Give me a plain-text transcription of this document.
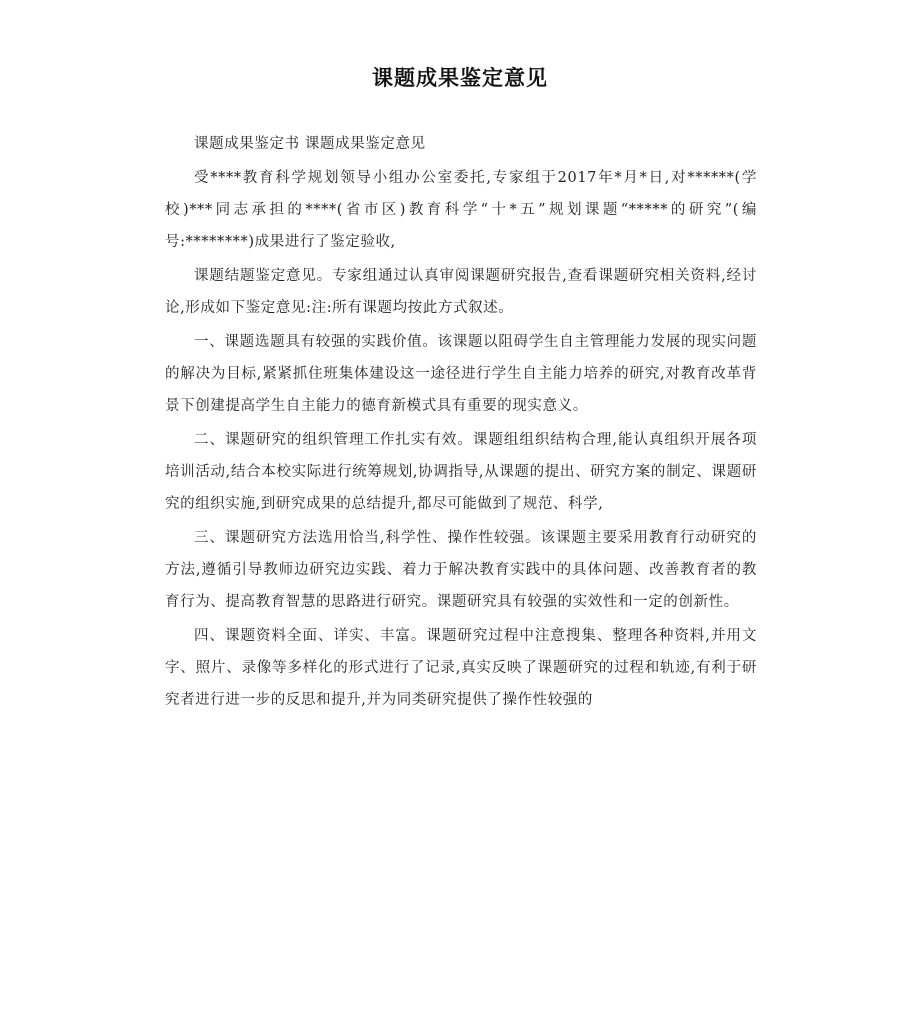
课题成果鉴定意见

课题成果鉴定书 课题成果鉴定意见

受****教育科学规划领导小组办公室委托,专家组于2017年*月*日,对******(学校)***同志承担的****(省市区)教育科学“十*五”规划课题“*****的研究”(编号:********)成果进行了鉴定验收,

课题结题鉴定意见。专家组通过认真审阅课题研究报告,查看课题研究相关资料,经讨论,形成如下鉴定意见:注:所有课题均按此方式叙述。

一、课题选题具有较强的实践价值。该课题以阻碍学生自主管理能力发展的现实问题的解决为目标,紧紧抓住班集体建设这一途径进行学生自主能力培养的研究,对教育改革背景下创建提高学生自主能力的德育新模式具有重要的现实意义。

二、课题研究的组织管理工作扎实有效。课题组组织结构合理,能认真组织开展各项培训活动,结合本校实际进行统筹规划,协调指导,从课题的提出、研究方案的制定、课题研究的组织实施,到研究成果的总结提升,都尽可能做到了规范、科学,

三、课题研究方法选用恰当,科学性、操作性较强。该课题主要采用教育行动研究的方法,遵循引导教师边研究边实践、着力于解决教育实践中的具体问题、改善教育者的教育行为、提高教育智慧的思路进行研究。课题研究具有较强的实效性和一定的创新性。

四、课题资料全面、详实、丰富。课题研究过程中注意搜集、整理各种资料,并用文字、照片、录像等多样化的形式进行了记录,真实反映了课题研究的过程和轨迹,有利于研究者进行进一步的反思和提升,并为同类研究提供了操作性较强的
